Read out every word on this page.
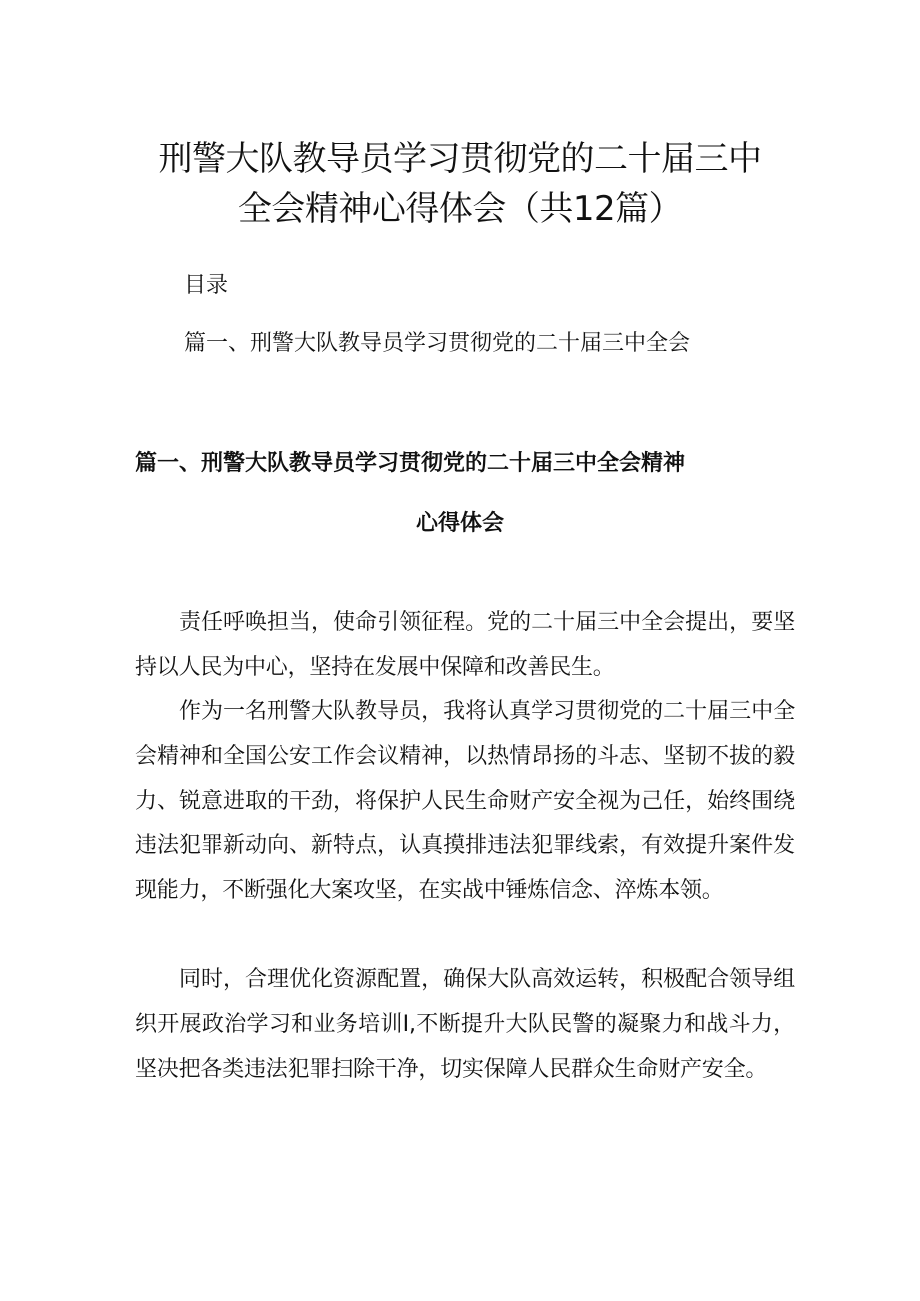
刑警大队教导员学习贯彻党的二十届三中
全会精神心得体会（共12篇）

目录

篇一、刑警大队教导员学习贯彻党的二十届三中全会

篇一、刑警大队教导员学习贯彻党的二十届三中全会精神

心得体会

责任呼唤担当，使命引领征程。党的二十届三中全会提出，要坚持以人民为中心，坚持在发展中保障和改善民生。

作为一名刑警大队教导员，我将认真学习贯彻党的二十届三中全会精神和全国公安工作会议精神，以热情昂扬的斗志、坚韧不拔的毅力、锐意进取的干劲，将保护人民生命财产安全视为己任，始终围绕违法犯罪新动向、新特点，认真摸排违法犯罪线索，有效提升案件发现能力，不断强化大案攻坚，在实战中锤炼信念、淬炼本领。

同时，合理优化资源配置，确保大队高效运转，积极配合领导组织开展政治学习和业务培训I,不断提升大队民警的凝聚力和战斗力，坚决把各类违法犯罪扫除干净，切实保障人民群众生命财产安全。
